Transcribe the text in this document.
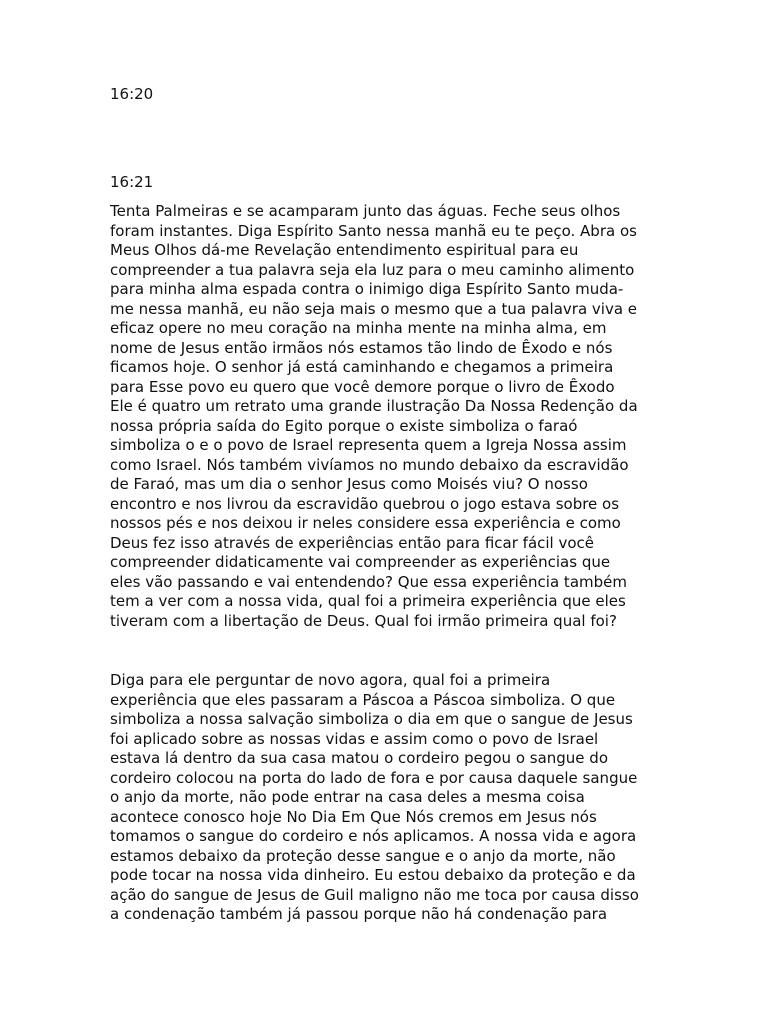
16:20
16:21
Tenta Palmeiras e se acamparam junto das águas. Feche seus olhos
foram instantes. Diga Espírito Santo nessa manhã eu te peço. Abra os
Meus Olhos dá-me Revelação entendimento espiritual para eu
compreender a tua palavra seja ela luz para o meu caminho alimento
para minha alma espada contra o inimigo diga Espírito Santo muda-
me nessa manhã, eu não seja mais o mesmo que a tua palavra viva e
eficaz opere no meu coração na minha mente na minha alma, em
nome de Jesus então irmãos nós estamos tão lindo de Êxodo e nós
ficamos hoje. O senhor já está caminhando e chegamos a primeira
para Esse povo eu quero que você demore porque o livro de Êxodo
Ele é quatro um retrato uma grande ilustração Da Nossa Redenção da
nossa própria saída do Egito porque o existe simboliza o faraó
simboliza o e o povo de Israel representa quem a Igreja Nossa assim
como Israel. Nós também vivíamos no mundo debaixo da escravidão
de Faraó, mas um dia o senhor Jesus como Moisés viu? O nosso
encontro e nos livrou da escravidão quebrou o jogo estava sobre os
nossos pés e nos deixou ir neles considere essa experiência e como
Deus fez isso através de experiências então para ficar fácil você
compreender didaticamente vai compreender as experiências que
eles vão passando e vai entendendo? Que essa experiência também
tem a ver com a nossa vida, qual foi a primeira experiência que eles
tiveram com a libertação de Deus. Qual foi irmão primeira qual foi?
Diga para ele perguntar de novo agora, qual foi a primeira
experiência que eles passaram a Páscoa a Páscoa simboliza. O que
simboliza a nossa salvação simboliza o dia em que o sangue de Jesus
foi aplicado sobre as nossas vidas e assim como o povo de Israel
estava lá dentro da sua casa matou o cordeiro pegou o sangue do
cordeiro colocou na porta do lado de fora e por causa daquele sangue
o anjo da morte, não pode entrar na casa deles a mesma coisa
acontece conosco hoje No Dia Em Que Nós cremos em Jesus nós
tomamos o sangue do cordeiro e nós aplicamos. A nossa vida e agora
estamos debaixo da proteção desse sangue e o anjo da morte, não
pode tocar na nossa vida dinheiro. Eu estou debaixo da proteção e da
ação do sangue de Jesus de Guil maligno não me toca por causa disso
a condenação também já passou porque não há condenação para
